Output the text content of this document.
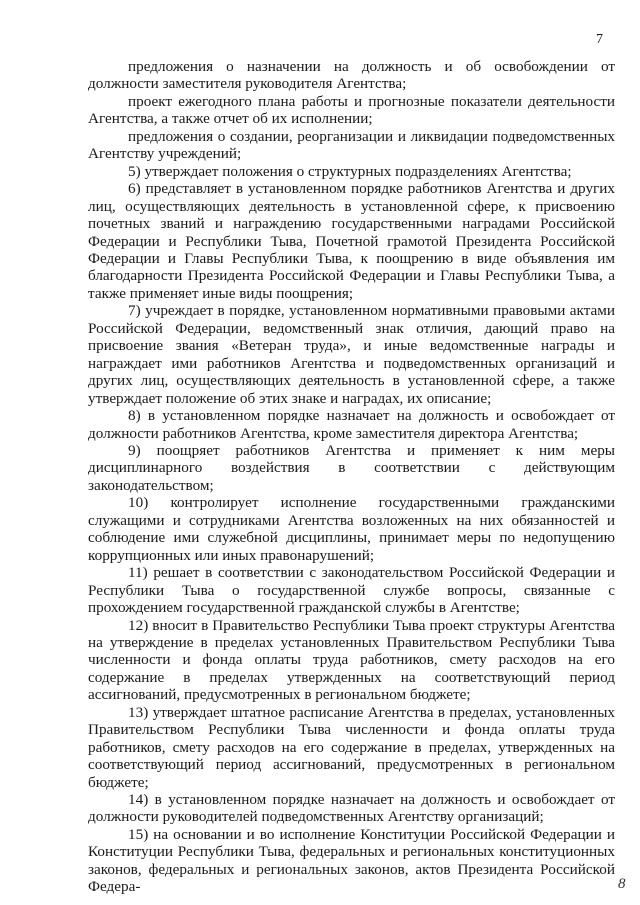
7

предложения о назначении на должность и об освобождении от должности заместителя руководителя Агентства;

проект ежегодного плана работы и прогнозные показатели деятельности Агентства, а также отчет об их исполнении;

предложения о создании, реорганизации и ликвидации подведомственных Агентству учреждений;

5) утверждает положения о структурных подразделениях Агентства;

6) представляет в установленном порядке работников Агентства и других лиц, осуществляющих деятельность в установленной сфере, к присвоению почетных званий и награждению государственными наградами Российской Федерации и Республики Тыва, Почетной грамотой Президента Российской Федерации и Главы Республики Тыва, к поощрению в виде объявления им благодарности Президента Российской Федерации и Главы Республики Тыва, а также применяет иные виды поощрения;

7) учреждает в порядке, установленном нормативными правовыми актами Российской Федерации, ведомственный знак отличия, дающий право на присвоение звания «Ветеран труда», и иные ведомственные награды и награждает ими работников Агентства и подведомственных организаций и других лиц, осуществляющих деятельность в установленной сфере, а также утверждает положение об этих знаке и наградах, их описание;

8) в установленном порядке назначает на должность и освобождает от должности работников Агентства, кроме заместителя директора Агентства;

9) поощряет работников Агентства и применяет к ним меры дисциплинарного воздействия в соответствии с действующим законодательством;

10) контролирует исполнение государственными гражданскими служащими и сотрудниками Агентства возложенных на них обязанностей и соблюдение ими служебной дисциплины, принимает меры по недопущению коррупционных или иных правонарушений;

11) решает в соответствии с законодательством Российской Федерации и Республики Тыва о государственной службе вопросы, связанные с прохождением государственной гражданской службы в Агентстве;

12) вносит в Правительство Республики Тыва проект структуры Агентства на утверждение в пределах установленных Правительством Республики Тыва численности и фонда оплаты труда работников, смету расходов на его содержание в пределах утвержденных на соответствующий период ассигнований, предусмотренных в региональном бюджете;

13) утверждает штатное расписание Агентства в пределах, установленных Правительством Республики Тыва численности и фонда оплаты труда работников, смету расходов на его содержание в пределах, утвержденных на соответствующий период ассигнований, предусмотренных в региональном бюджете;

14) в установленном порядке назначает на должность и освобождает от должности руководителей подведомственных Агентству организаций;

15) на основании и во исполнение Конституции Российской Федерации и Конституции Республики Тыва, федеральных и региональных конституционных законов, федеральных и региональных законов, актов Президента Российской Федера-	8
